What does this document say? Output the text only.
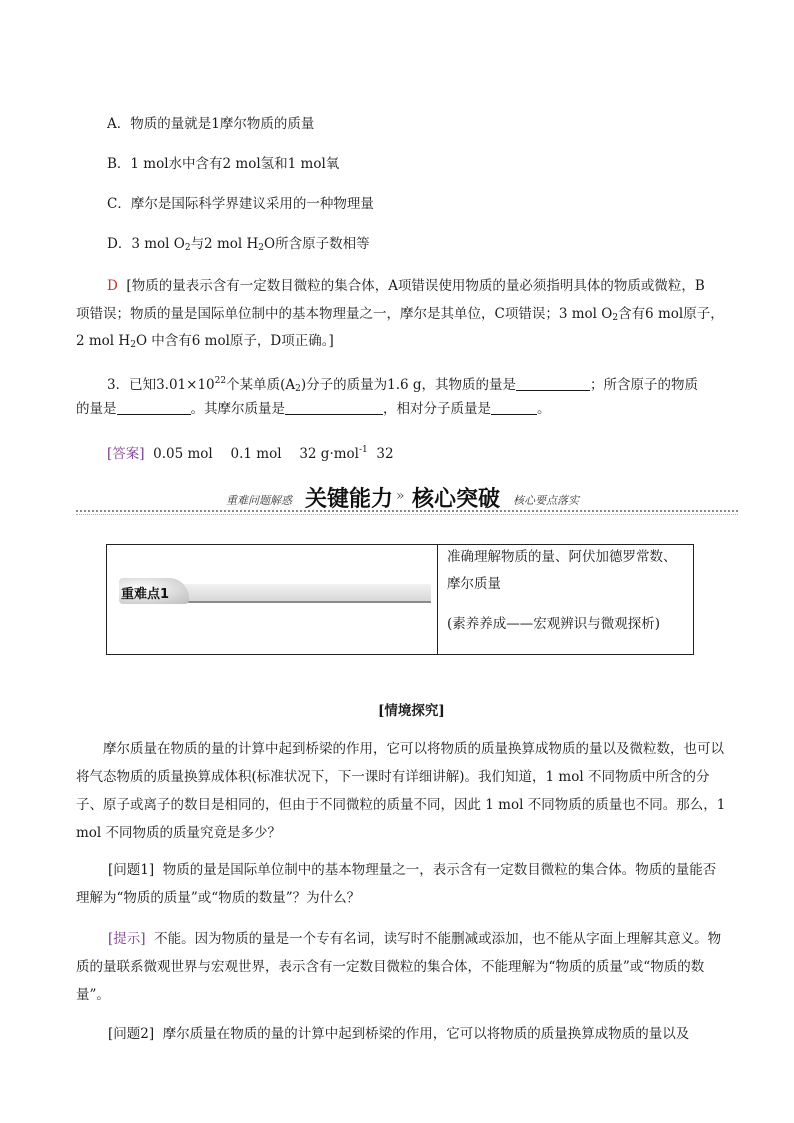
A．物质的量就是1摩尔物质的质量
B．1 mol水中含有2 mol氢和1 mol氧
C．摩尔是国际科学界建议采用的一种物理量
D．3 mol $O_2$与2 mol $H_2O$所含原子数相等
D [物质的量表示含有一定数目微粒的集合体，A项错误使用物质的量必须指明具体的物质或微粒，B
项错误；物质的量是国际单位制中的基本物理量之一，摩尔是其单位，C项错误；3 mol $O_2$含有6 mol原子，
2 mol $H_2O$ 中含有6 mol原子，D项正确。]
3．已知$3.01\times 10^{22}$个某单质$(A_2)$分子的质量为1.6 g，其物质的量是	；所含原子的物质
的量是	。其摩尔质量是	，相对分子质量是	。
[答案] 0.05 mol　 0.1 mol　 32 g·mol$^{-1}$ 32
重难问题解惑 关键能力 » 核心突破 核心要点落实
重难点1
准确理解物质的量、阿伏加德罗常数、
摩尔质量
(素养养成——宏观辨识与微观探析)
[情境探究]
　　摩尔质量在物质的量的计算中起到桥梁的作用，它可以将物质的质量换算成物质的量以及微粒数，也可以将气态物质的质量换算成体积(标准状况下，下一课时有详细讲解)。我们知道，1 mol 不同物质中所含的分子、原子或离子的数目是相同的，但由于不同微粒的质量不同，因此 1 mol 不同物质的质量也不同。那么，1 mol 不同物质的质量究竟是多少？
[问题1] 物质的量是国际单位制中的基本物理量之一，表示含有一定数目微粒的集合体。物质的量能否理解为“物质的质量”或“物质的数量”？为什么？
[提示] 不能。因为物质的量是一个专有名词，读写时不能删减或添加，也不能从字面上理解其意义。物质的量联系微观世界与宏观世界，表示含有一定数目微粒的集合体，不能理解为“物质的质量”或“物质的数量”。
[问题2] 摩尔质量在物质的量的计算中起到桥梁的作用，它可以将物质的质量换算成物质的量以及
